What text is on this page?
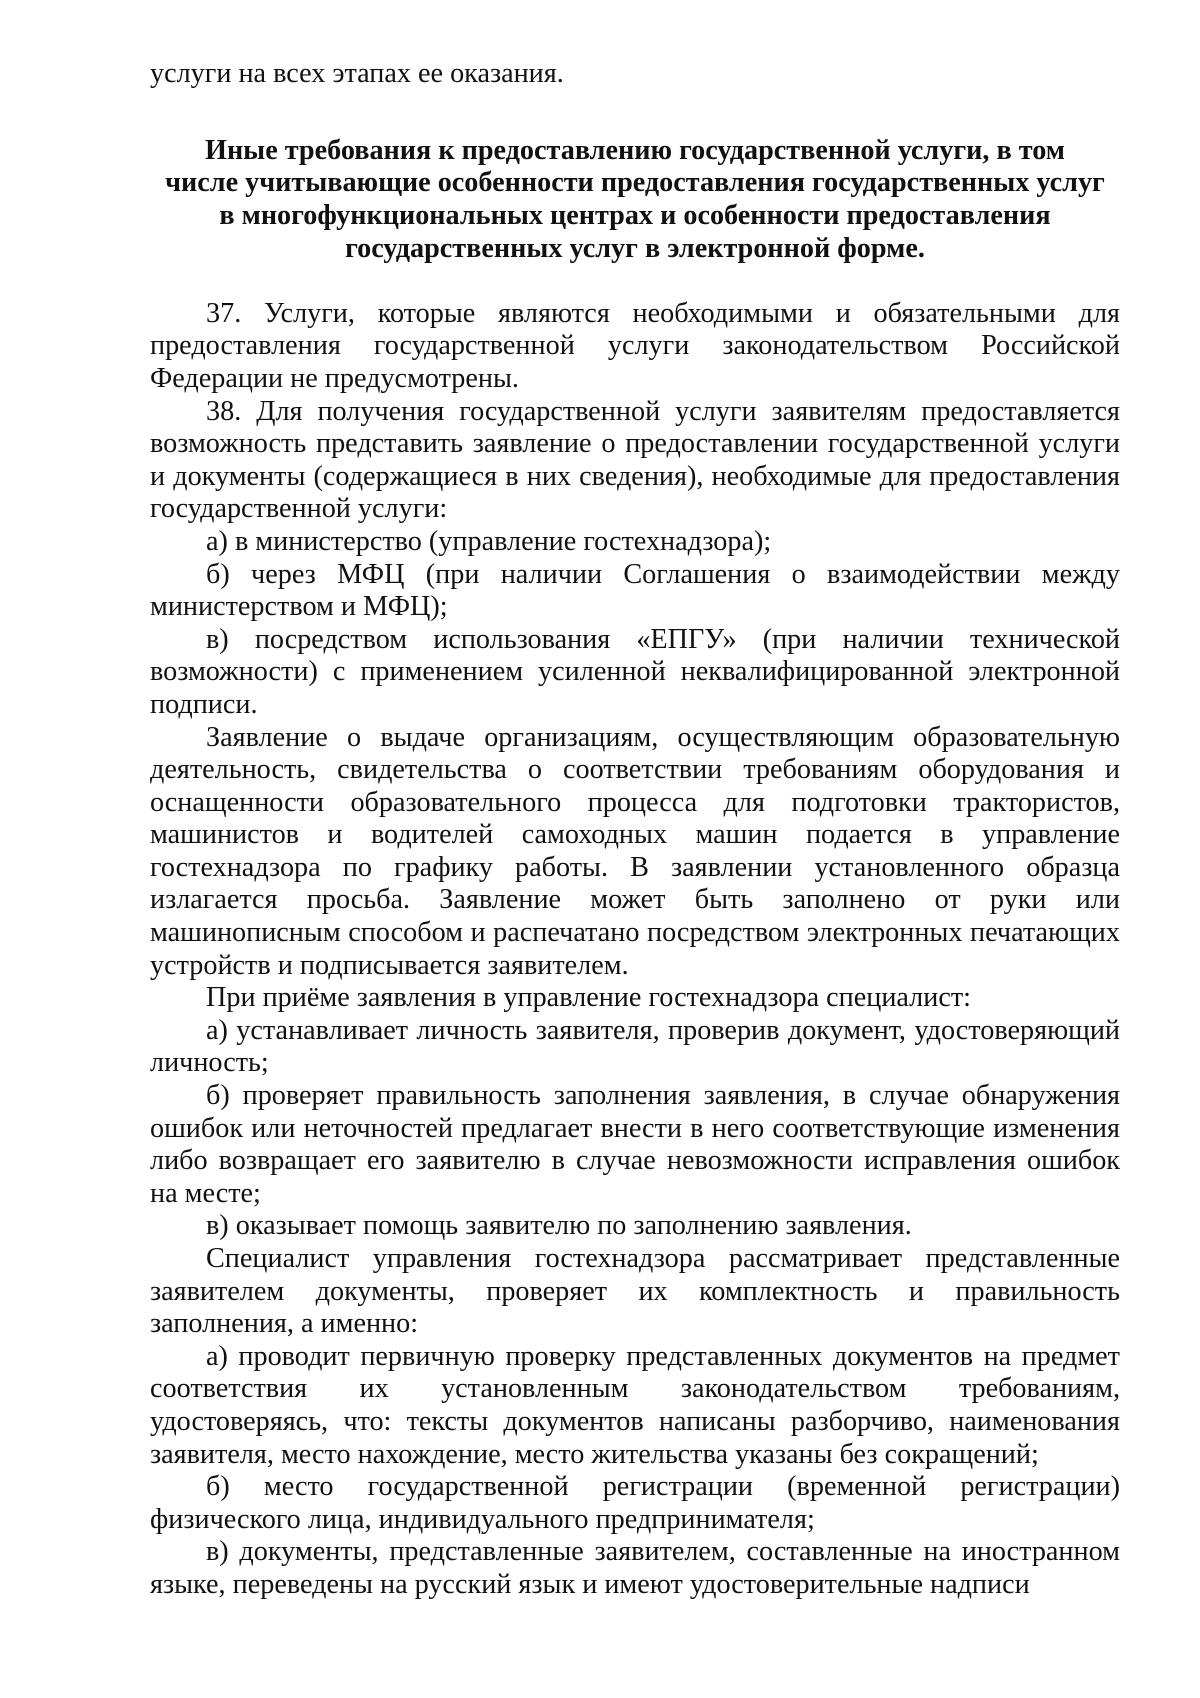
услуги на всех этапах ее оказания.

Иные требования к предоставлению государственной услуги, в том
числе учитывающие особенности предоставления государственных услуг
в многофункциональных центрах и особенности предоставления
государственных услуг в электронной форме.

37. Услуги, которые являются необходимыми и обязательными для предоставления государственной услуги законодательством Российской Федерации не предусмотрены.

38. Для получения государственной услуги заявителям предоставляется возможность представить заявление о предоставлении государственной услуги и документы (содержащиеся в них сведения), необходимые для предоставления государственной услуги:

а) в министерство (управление гостехнадзора);

б) через МФЦ (при наличии Соглашения о взаимодействии между министерством и МФЦ);

в) посредством использования «ЕПГУ» (при наличии технической возможности) с применением усиленной неквалифицированной электронной подписи.

Заявление о выдаче организациям, осуществляющим образовательную деятельность, свидетельства о соответствии требованиям оборудования и оснащенности образовательного процесса для подготовки трактористов, машинистов и водителей самоходных машин подается в управление гостехнадзора по графику работы. В заявлении установленного образца излагается просьба. Заявление может быть заполнено от руки или машинописным способом и распечатано посредством электронных печатающих устройств и подписывается заявителем.

При приёме заявления в управление гостехнадзора специалист:

а) устанавливает личность заявителя, проверив документ, удостоверяющий личность;

б) проверяет правильность заполнения заявления, в случае обнаружения ошибок или неточностей предлагает внести в него соответствующие изменения либо возвращает его заявителю в случае невозможности исправления ошибок на месте;

в) оказывает помощь заявителю по заполнению заявления.

Специалист управления гостехнадзора рассматривает представленные заявителем документы, проверяет их комплектность и правильность заполнения, а именно:

а) проводит первичную проверку представленных документов на предмет соответствия их установленным законодательством требованиям, удостоверяясь, что: тексты документов написаны разборчиво, наименования заявителя, место нахождение, место жительства указаны без сокращений;

б) место государственной регистрации (временной регистрации) физического лица, индивидуального предпринимателя;

в) документы, представленные заявителем, составленные на иностранном языке, переведены на русский язык и имеют удостоверительные надписи
